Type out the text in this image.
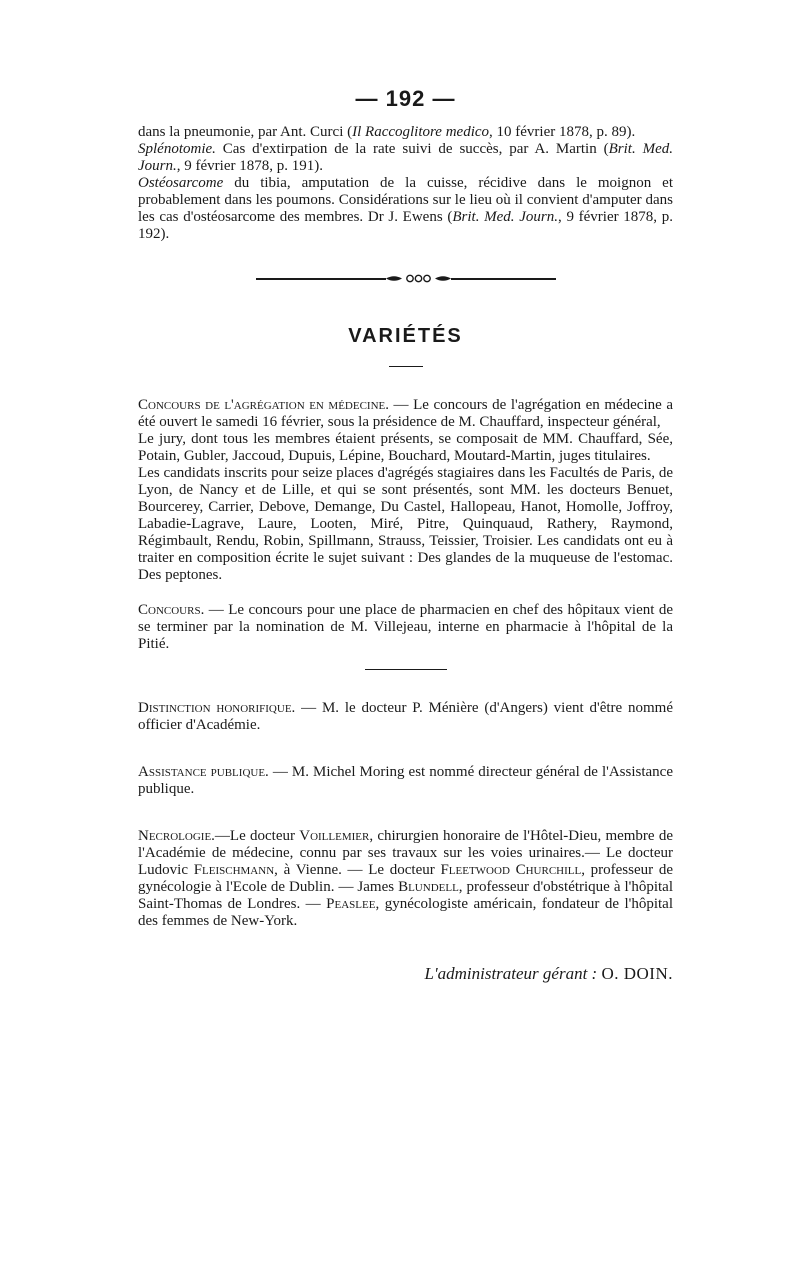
— 192 —

dans la pneumonie, par Ant. Curci (Il Raccoglitore medico, 10 février 1878, p. 89).

Splénotomie. Cas d'extirpation de la rate suivi de succès, par A. Martin (Brit. Med. Journ., 9 février 1878, p. 191).

Ostéosarcome du tibia, amputation de la cuisse, récidive dans le moignon et probablement dans les poumons. Considérations sur le lieu où il convient d'amputer dans les cas d'ostéosarcome des membres. Dr J. Ewens (Brit. Med. Journ., 9 février 1878, p. 192).

VARIÉTÉS

Concours de l'agrégation en médecine. — Le concours de l'agrégation en médecine a été ouvert le samedi 16 février, sous la présidence de M. Chauffard, inspecteur général,

Le jury, dont tous les membres étaient présents, se composait de MM. Chauffard, Sée, Potain, Gubler, Jaccoud, Dupuis, Lépine, Bouchard, Moutard-Martin, juges titulaires.

Les candidats inscrits pour seize places d'agrégés stagiaires dans les Facultés de Paris, de Lyon, de Nancy et de Lille, et qui se sont présentés, sont MM. les docteurs Benuet, Bourcerey, Carrier, Debove, Demange, Du Castel, Hallopeau, Hanot, Homolle, Joffroy, Labadie-Lagrave, Laure, Looten, Miré, Pitre, Quinquaud, Rathery, Raymond, Régimbault, Rendu, Robin, Spillmann, Strauss, Teissier, Troisier. Les candidats ont eu à traiter en composition écrite le sujet suivant : Des glandes de la muqueuse de l'estomac. Des peptones.

Concours. — Le concours pour une place de pharmacien en chef des hôpitaux vient de se terminer par la nomination de M. Villejeau, interne en pharmacie à l'hôpital de la Pitié.

Distinction honorifique. — M. le docteur P. Ménière (d'Angers) vient d'être nommé officier d'Académie.

Assistance publique. — M. Michel Moring est nommé directeur général de l'Assistance publique.

Necrologie.—Le docteur Voillemier, chirurgien honoraire de l'Hôtel-Dieu, membre de l'Académie de médecine, connu par ses travaux sur les voies urinaires.— Le docteur Ludovic Fleischmann, à Vienne. — Le docteur Fleetwood Churchill, professeur de gynécologie à l'Ecole de Dublin. — James Blundell, professeur d'obstétrique à l'hôpital Saint-Thomas de Londres. — Peaslee, gynécologiste américain, fondateur de l'hôpital des femmes de New-York.

L'administrateur gérant : O. DOIN.
